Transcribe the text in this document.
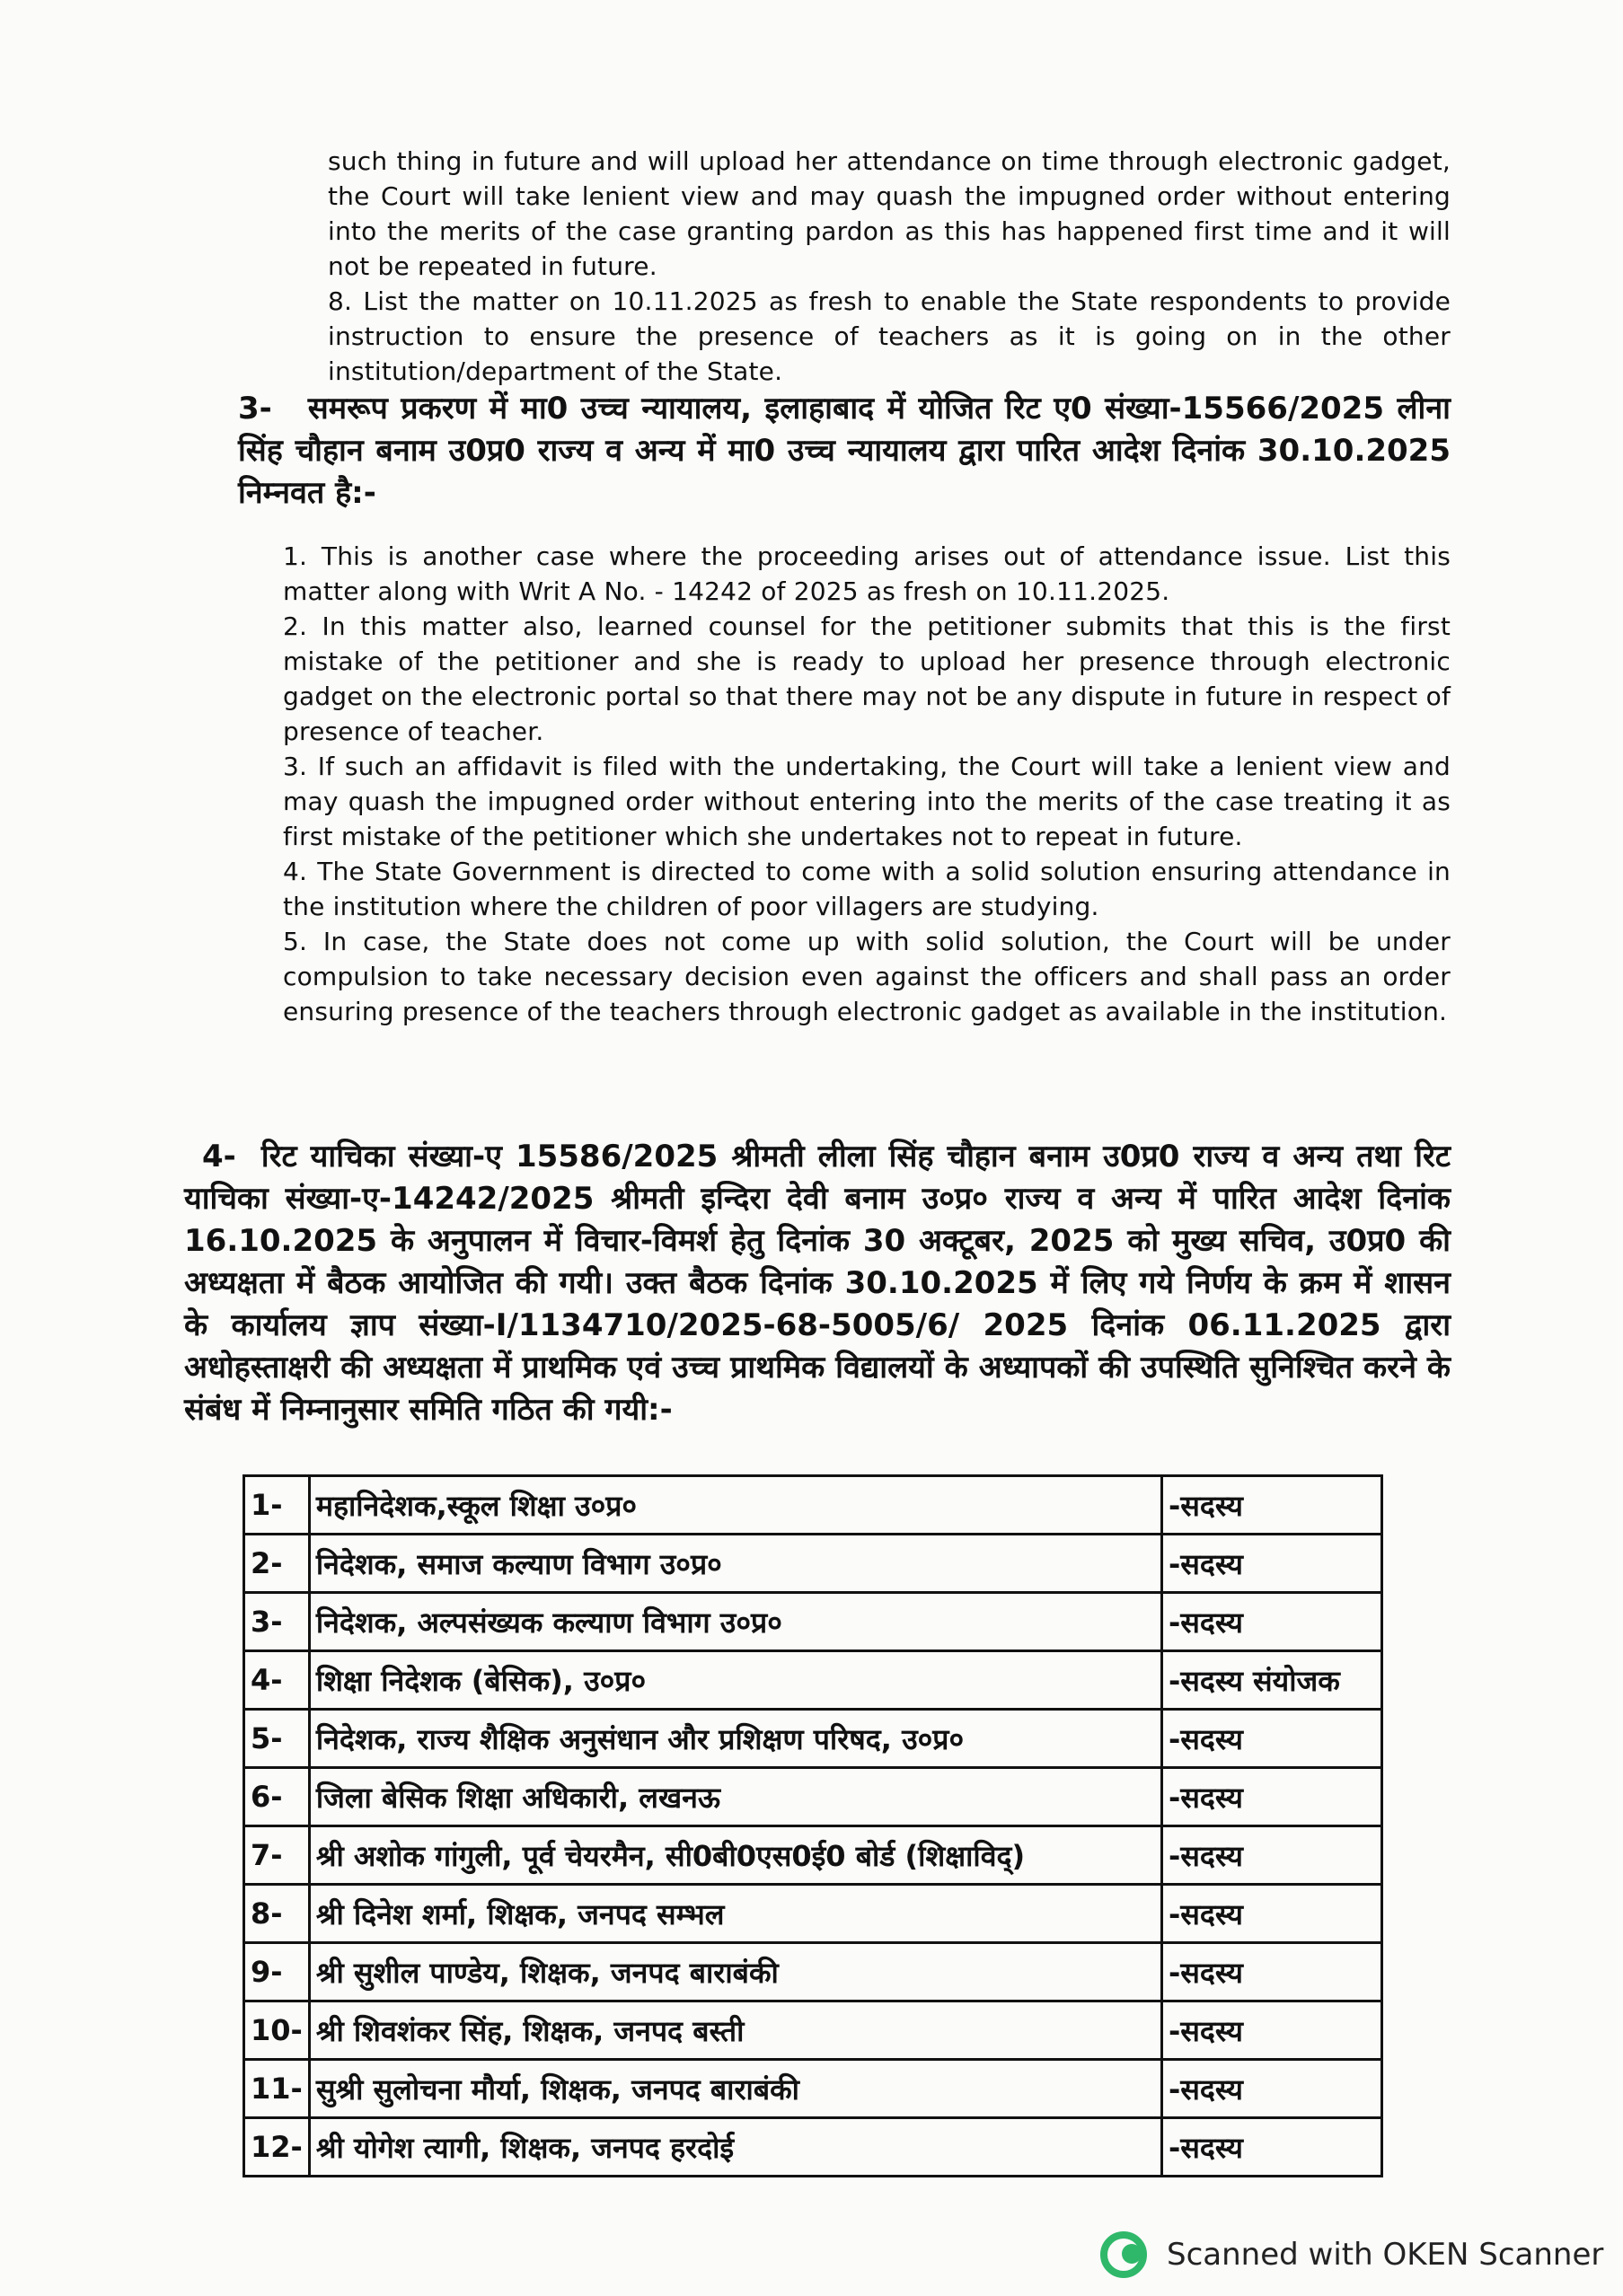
such thing in future and will upload her attendance on time through electronic gadget, the Court will take lenient view and may quash the impugned order without entering into the merits of the case granting pardon as this has happened first time and it will not be repeated in future.

8. List the matter on 10.11.2025 as fresh to enable the State respondents to provide instruction to ensure the presence of teachers as it is going on in the other institution/department of the State.

3- समरूप प्रकरण में मा0 उच्च न्यायालय, इलाहाबाद में योजित रिट ए0 संख्या-15566/2025 लीना सिंह चौहान बनाम उ0प्र0 राज्य व अन्य में मा0 उच्च न्यायालय द्वारा पारित आदेश दिनांक 30.10.2025 निम्नवत है:-

1. This is another case where the proceeding arises out of attendance issue. List this matter along with Writ A No. - 14242 of 2025 as fresh on 10.11.2025.

2. In this matter also, learned counsel for the petitioner submits that this is the first mistake of the petitioner and she is ready to upload her presence through electronic gadget on the electronic portal so that there may not be any dispute in future in respect of presence of teacher.

3. If such an affidavit is filed with the undertaking, the Court will take a lenient view and may quash the impugned order without entering into the merits of the case treating it as first mistake of the petitioner which she undertakes not to repeat in future.

4. The State Government is directed to come with a solid solution ensuring attendance in the institution where the children of poor villagers are studying.

5. In case, the State does not come up with solid solution, the Court will be under compulsion to take necessary decision even against the officers and shall pass an order ensuring presence of the teachers through electronic gadget as available in the institution.

4- रिट याचिका संख्या-ए 15586/2025 श्रीमती लीला सिंह चौहान बनाम उ0प्र0 राज्य व अन्य तथा रिट याचिका संख्या-ए-14242/2025 श्रीमती इन्दिरा देवी बनाम उ०प्र० राज्य व अन्य में पारित आदेश दिनांक 16.10.2025 के अनुपालन में विचार-विमर्श हेतु दिनांक 30 अक्टूबर, 2025 को मुख्य सचिव, उ0प्र0 की अध्यक्षता में बैठक आयोजित की गयी। उक्त बैठक दिनांक 30.10.2025 में लिए गये निर्णय के क्रम में शासन के कार्यालय ज्ञाप संख्या-I/1134710/2025-68-5005/6/ 2025 दिनांक 06.11.2025 द्वारा अधोहस्ताक्षरी की अध्यक्षता में प्राथमिक एवं उच्च प्राथमिक विद्यालयों के अध्यापकों की उपस्थिति सुनिश्चित करने के संबंध में निम्नानुसार समिति गठित की गयी:-

1-	महानिदेशक,स्कूल शिक्षा उ०प्र०	-सदस्य
2-	निदेशक, समाज कल्याण विभाग उ०प्र०	-सदस्य
3-	निदेशक, अल्पसंख्यक कल्याण विभाग उ०प्र०	-सदस्य
4-	शिक्षा निदेशक (बेसिक), उ०प्र०	-सदस्य संयोजक
5-	निदेशक, राज्य शैक्षिक अनुसंधान और प्रशिक्षण परिषद, उ०प्र०	-सदस्य
6-	जिला बेसिक शिक्षा अधिकारी, लखनऊ	-सदस्य
7-	श्री अशोक गांगुली, पूर्व चेयरमैन, सी0बी0एस0ई0 बोर्ड (शिक्षाविद्)	-सदस्य
8-	श्री दिनेश शर्मा, शिक्षक, जनपद सम्भल	-सदस्य
9-	श्री सुशील पाण्डेय, शिक्षक, जनपद बाराबंकी	-सदस्य
10-	श्री शिवशंकर सिंह, शिक्षक, जनपद बस्ती	-सदस्य
11-	सुश्री सुलोचना मौर्या, शिक्षक, जनपद बाराबंकी	-सदस्य
12-	श्री योगेश त्यागी, शिक्षक, जनपद हरदोई	-सदस्य
Scanned with OKEN Scanner
